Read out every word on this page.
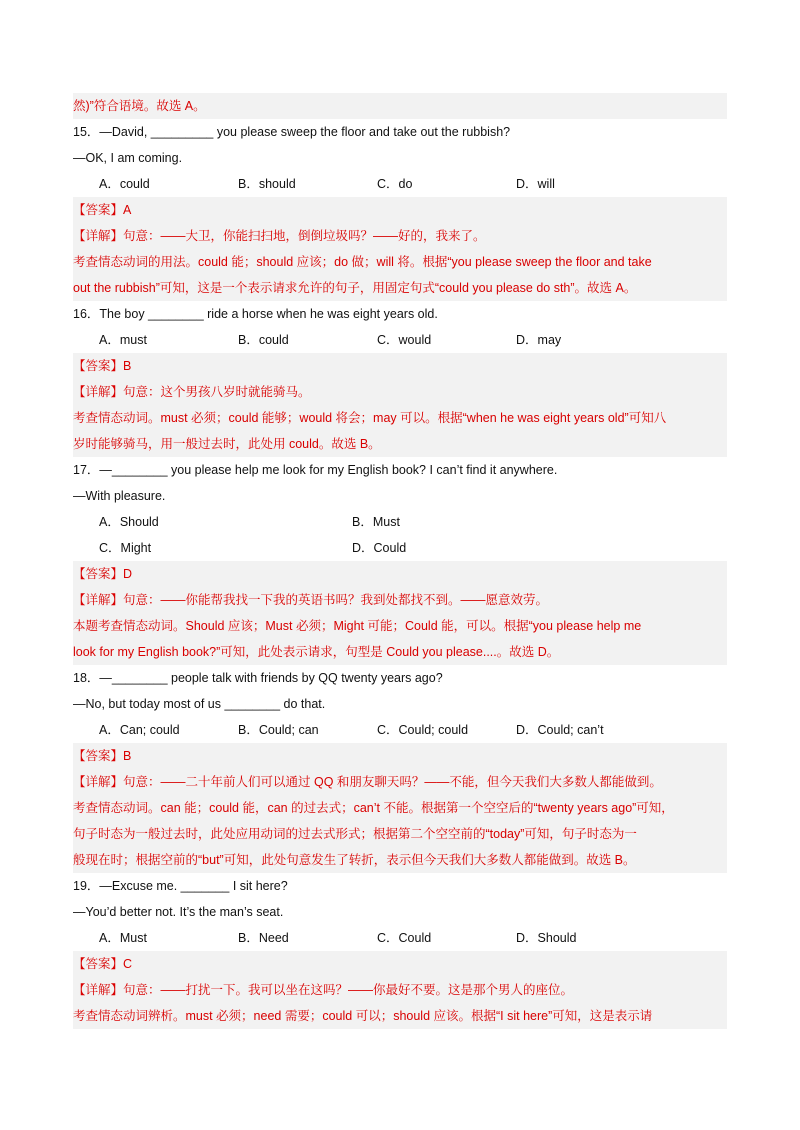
然)”符合语境。故选 A。
15．—David, _________ you please sweep the floor and take out the rubbish?
—OK, I am coming.
A．could	B．should	C．do	D．will
【答案】A
【详解】句意：——大卫，你能扫扫地，倒倒垃圾吗？——好的，我来了。
考查情态动词的用法。could 能；should 应该；do 做；will 将。根据“you please sweep the floor and take
out the rubbish”可知，这是一个表示请求允许的句子，用固定句式“could you please do sth”。故选 A。
16．The boy ________ ride a horse when he was eight years old.
A．must	B．could	C．would	D．may
【答案】B
【详解】句意：这个男孩八岁时就能骑马。
考查情态动词。must 必须；could 能够；would 将会；may 可以。根据“when he was eight years old”可知八
岁时能够骑马，用一般过去时，此处用 could。故选 B。
17．—________ you please help me look for my English book? I can’t find it anywhere.
—With pleasure.
A．Should	B．Must
C．Might	D．Could
【答案】D
【详解】句意：——你能帮我找一下我的英语书吗？我到处都找不到。——愿意效劳。
本题考查情态动词。Should 应该；Must 必须；Might 可能；Could 能，可以。根据“you please help me
look for my English book?”可知，此处表示请求，句型是 Could you please....。故选 D。
18．—________ people talk with friends by QQ twenty years ago?
—No, but today most of us ________ do that.
A．Can; could	B．Could; can	C．Could; could	D．Could; can’t
【答案】B
【详解】句意：——二十年前人们可以通过 QQ 和朋友聊天吗？——不能，但今天我们大多数人都能做到。
考查情态动词。can 能；could 能，can 的过去式；can’t 不能。根据第一个空空后的“twenty years ago”可知，
句子时态为一般过去时，此处应用动词的过去式形式；根据第二个空空前的“today”可知，句子时态为一
般现在时；根据空前的“but”可知，此处句意发生了转折，表示但今天我们大多数人都能做到。故选 B。
19．—Excuse me. _______ I sit here?
—You’d better not. It’s the man’s seat.
A．Must	B．Need	C．Could	D．Should
【答案】C
【详解】句意：——打扰一下。我可以坐在这吗？——你最好不要。这是那个男人的座位。
考查情态动词辨析。must 必须；need 需要；could 可以；should 应该。根据“I sit here”可知，这是表示请
